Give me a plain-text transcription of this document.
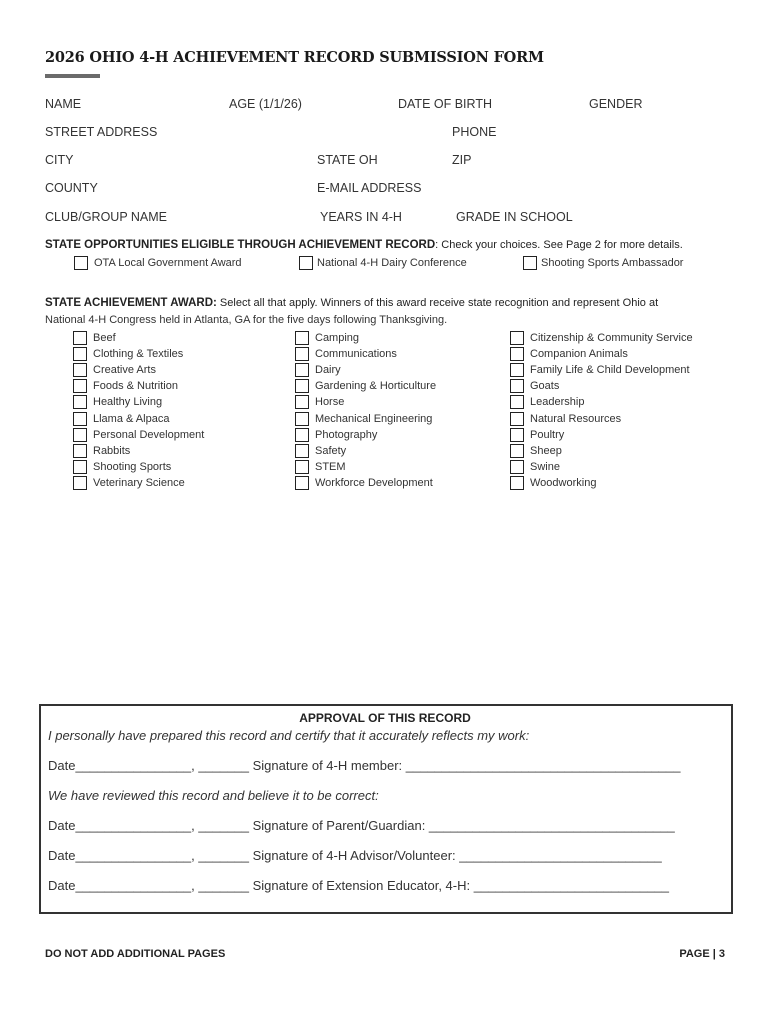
2026 OHIO 4-H ACHIEVEMENT RECORD SUBMISSION FORM
NAME	AGE (1/1/26)	DATE OF BIRTH	GENDER
STREET ADDRESS	PHONE
CITY	STATE OH	ZIP
COUNTY	E-MAIL ADDRESS
CLUB/GROUP NAME	YEARS IN 4-H	GRADE IN SCHOOL
STATE OPPORTUNITIES ELIGIBLE THROUGH ACHIEVEMENT RECORD: Check your choices. See Page 2 for more details.
OTA Local Government Award	National 4-H Dairy Conference	Shooting Sports Ambassador
STATE ACHIEVEMENT AWARD: Select all that apply. Winners of this award receive state recognition and represent Ohio at
National 4-H Congress held in Atlanta, GA for the five days following Thanksgiving.
Beef
Clothing & Textiles
Creative Arts
Foods & Nutrition
Healthy Living
Llama & Alpaca
Personal Development
Rabbits
Shooting Sports
Veterinary Science
Camping
Communications
Dairy
Gardening & Horticulture
Horse
Mechanical Engineering
Photography
Safety
STEM
Workforce Development
Citizenship & Community Service
Companion Animals
Family Life & Child Development
Goats
Leadership
Natural Resources
Poultry
Sheep
Swine
Woodworking
APPROVAL OF THIS RECORD
I personally have prepared this record and certify that it accurately reflects my work:
Date________________, _______ Signature of 4-H member: ______________________________________
We have reviewed this record and believe it to be correct:
Date________________, _______ Signature of Parent/Guardian: __________________________________
Date________________, _______ Signature of 4-H Advisor/Volunteer: ____________________________
Date________________, _______ Signature of Extension Educator, 4-H: ___________________________
DO NOT ADD ADDITIONAL PAGES	PAGE | 3
